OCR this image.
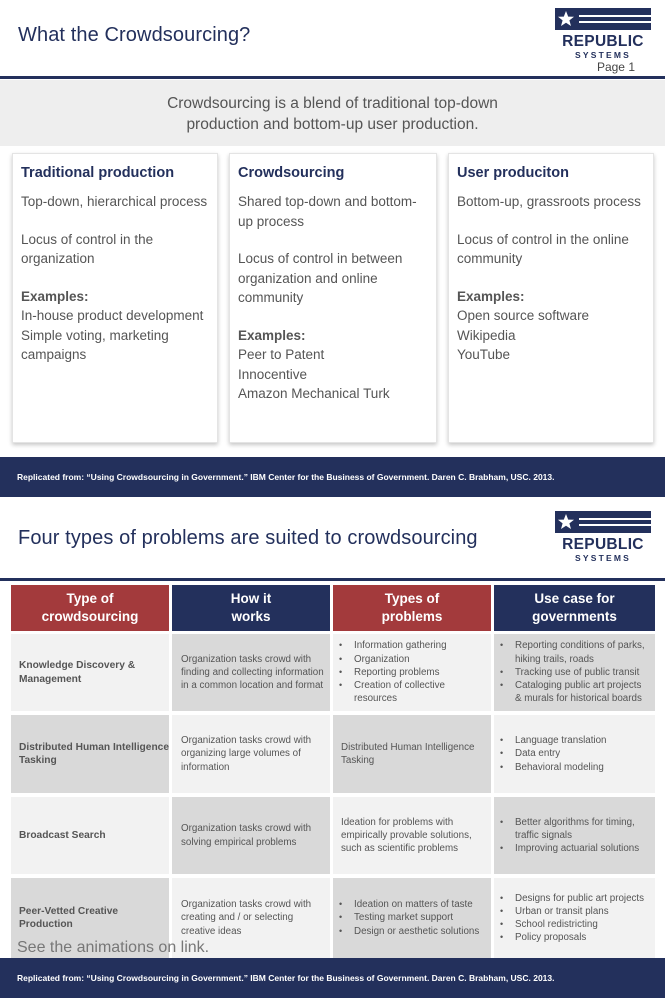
What the Crowdsourcing?	REPUBLIC
SYSTEMS
Page 1
Crowdsourcing is a blend of traditional top-down
production and bottom-up user production.
Traditional production
Top-down, hierarchical process
Locus of control in the organization
Examples:
In-house product development
Simple voting, marketing campaigns
Crowdsourcing
Shared top-down and bottom-up process
Locus of control in between organization and online community
Examples:
Peer to Patent
Innocentive
Amazon Mechanical Turk
User produciton
Bottom-up, grassroots process
Locus of control in the online community
Examples:
Open source software
Wikipedia
YouTube
Replicated from: “Using Crowdsourcing in Government.” IBM Center for the Business of Government. Daren C. Brabham, USC. 2013.
Four types of problems are suited to crowdsourcing	REPUBLIC
SYSTEMS
Type of crowdsourcing
How it works
Types of problems
Use case for governments
Knowledge Discovery & Management
Organization tasks crowd with finding and collecting information in a common location and format
• Information gathering
• Organization
• Reporting problems
• Creation of collective resources
• Reporting conditions of parks, hiking trails, roads
• Tracking use of public transit
• Cataloging public art projects & murals for historical boards
Distributed Human Intelligence Tasking
Organization tasks crowd with organizing large volumes of information
Distributed Human Intelligence Tasking
• Language translation
• Data entry
• Behavioral modeling
Broadcast Search
Organization tasks crowd with solving empirical problems
Ideation for problems with empirically provable solutions, such as scientific problems
• Better algorithms for timing, traffic signals
• Improving actuarial solutions
Peer-Vetted Creative Production
Organization tasks crowd with creating and / or selecting creative ideas
• Ideation on matters of taste
• Testing market support
• Design or aesthetic solutions
• Designs for public art projects
• Urban or transit plans
• School redistricting
• Policy proposals
See the animations on link.
Replicated from: “Using Crowdsourcing in Government.” IBM Center for the Business of Government. Daren C. Brabham, USC. 2013.
